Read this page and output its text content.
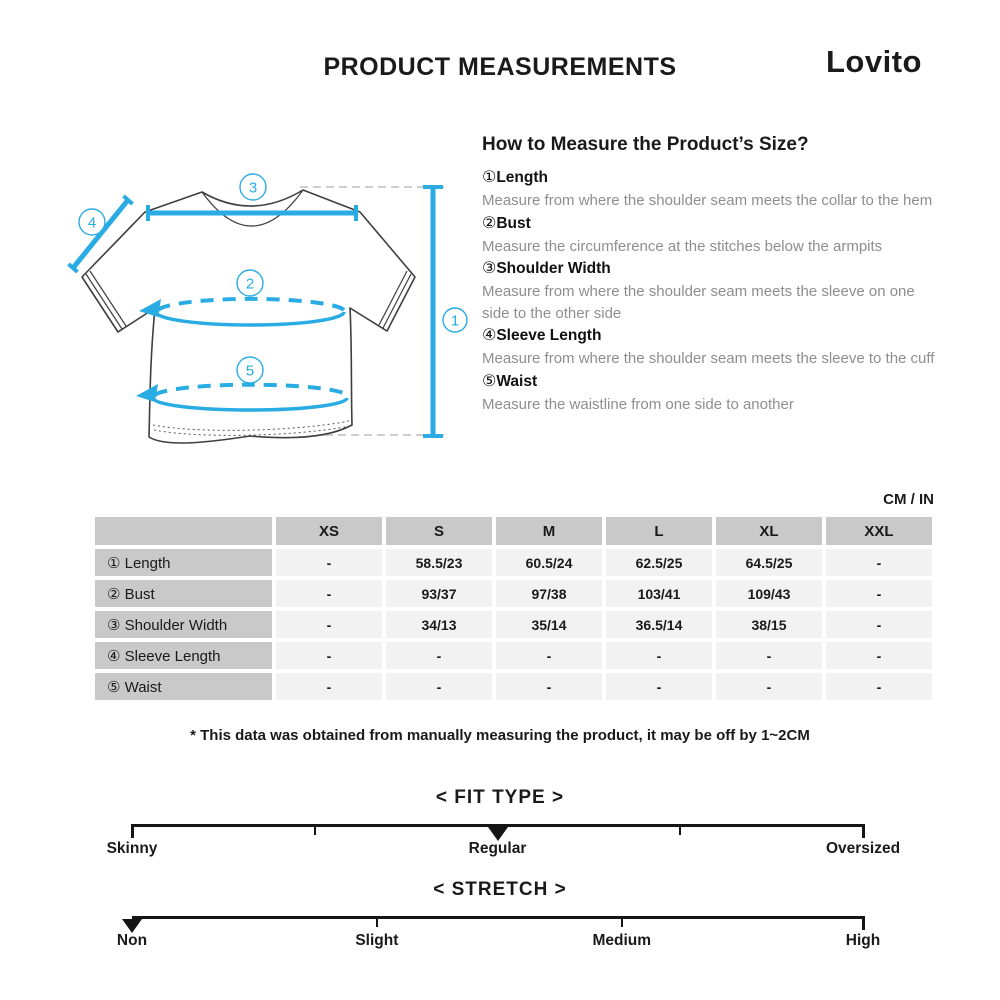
PRODUCT MEASUREMENTS	Lovito
1
2
3
4
5
How to Measure the Product’s Size?
①Length
Measure from where the shoulder seam meets the collar to the hem
②Bust
Measure the circumference at the stitches below the armpits
③Shoulder Width
Measure from where the shoulder seam meets the sleeve on one side to the other side
④Sleeve Length
Measure from where the shoulder seam meets the sleeve to the cuff
⑤Waist
Measure the waistline from one side to another
CM / IN
XS	S	M	L	XL	XXL
① Length	-	58.5/23	60.5/24	62.5/25	64.5/25	-
② Bust	-	93/37	97/38	103/41	109/43	-
③ Shoulder Width	-	34/13	35/14	36.5/14	38/15	-
④ Sleeve Length	-	-	-	-	-	-
⑤ Waist	-	-	-	-	-	-
* This data was obtained from manually measuring the product, it may be off by 1~2CM
< FIT TYPE >
Skinny	Regular	Oversized
< STRETCH >
Non	Slight	Medium	High
